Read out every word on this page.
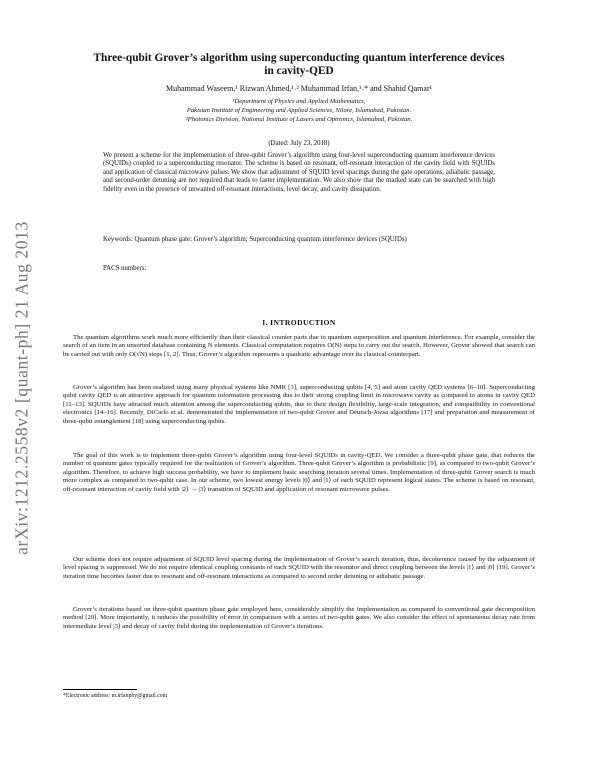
arXiv:1212.2558v2 [quant-ph] 21 Aug 2013
Three-qubit Grover’s algorithm using superconducting quantum interference devices
in cavity-QED
Muhammad Waseem,¹ Rizwan Ahmed,¹˒² Muhammad Irfan,¹˒* and Shahid Qamar¹
¹Department of Physics and Applied Mathematics,
Pakistan Institute of Engineering and Applied Sciences, Nilore, Islamabad, Pakistan.
²Photonics Division, National Institute of Lasers and Optronics, Islamabad, Pakistan.
(Dated: July 23, 2018)
We present a scheme for the implementation of three-qubit Grover’s algorithm using four-level superconducting quantum interference devices (SQUIDs) coupled to a superconducting resonator. The scheme is based on resonant, off-resonant interaction of the cavity field with SQUIDs and application of classical microwave pulses. We show that adjustment of SQUID level spacings during the gate operations, adiabatic passage, and second-order detuning are not required that leads to faster implementation. We also show that the marked state can be searched with high fidelity even in the presence of unwanted off-resonant interactions, level decay, and cavity dissipation.
Keywords: Quantum phase gate; Grover’s algorithm; Superconducting quantum interference devices (SQUIDs)
PACS numbers:
I. INTRODUCTION

The quantum algorithms work much more efficiently than their classical counter parts due to quantum superposition and quantum interference. For example, consider the search of an item in an unsorted database containing N elements. Classical computation requires O(N) steps to carry out the search. However, Grover showed that search can be carried out with only O(√N) steps [1, 2]. Thus, Grover’s algorithm represents a quadratic advantage over its classical counterpart.

Grover’s algorithm has been realized using many physical systems like NMR [3], superconducting qubits [4, 5] and atom cavity QED systems [6–10]. Superconducting qubit cavity QED is an attractive approach for quantum information processing due to their strong coupling limit in microwave cavity as compared to atoms in cavity QED [11–13]. SQUIDs have attracted much attention among the superconducting qubits, due to their design flexibility, large-scale integration, and compatibility to conventional electronics [14–16]. Recently, DiCarlo et al. demonstrated the implementation of two-qubit Grover and Deutsch-Jozsa algorithms [17] and preparation and measurement of three-qubit entanglement [18] using superconducting qubits.

The goal of this work is to implement three-qubit Grover’s algorithm using four-level SQUIDs in cavity-QED. We consider a three-qubit phase gate, that reduces the number of quantum gates typically required for the realization of Grover’s algorithm. Three-qubit Grover’s algorithm is probabilistic [9], as compared to two-qubit Grover’s algorithm. Therefore, to achieve high success probability, we have to implement basic searching iteration several times. Implementation of three-qubit Grover search is much more complex as compared to two-qubit case. In our scheme, two lowest energy levels |0⟩ and |1⟩ of each SQUID represent logical states. The scheme is based on resonant, off-resonant interaction of cavity field with |2⟩ → |3⟩ transition of SQUID and application of resonant microwave pulses.

Our scheme does not require adjustment of SQUID level spacing during the implementation of Grover’s search iteration, thus, decoherence caused by the adjustment of level spacing is suppressed. We do not require identical coupling constants of each SQUID with the resonator and direct coupling between the levels |1⟩ and |0⟩ [19]. Grover’s iteration time becomes faster due to resonant and off-resonant interactions as compared to second order detuning or adiabatic passage.

Grover’s iterations based on three-qubit quantum phase gate employed here, considerably simplify the implementation as compared to conventional gate decomposition method [20]. More importantly, it reduces the possibility of error in comparison with a series of two-qubit gates. We also consider the effect of spontaneous decay rate from intermediate level |3⟩ and decay of cavity field during the implementation of Grover’s iterations.

*Electronic address: m.irfanphy@gmail.com
